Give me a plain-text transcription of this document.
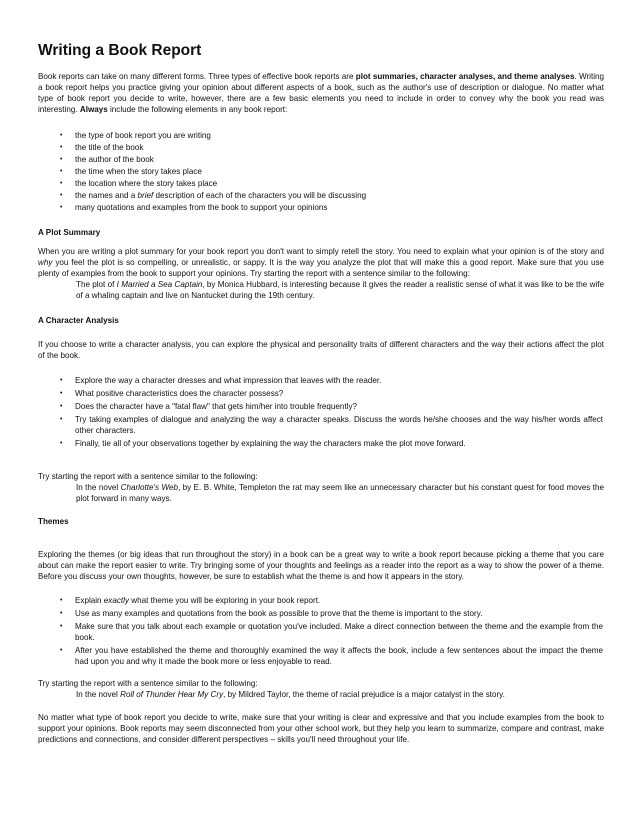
Writing a Book Report

Book reports can take on many different forms. Three types of effective book reports are plot summaries, character analyses, and theme analyses. Writing a book report helps you practice giving your opinion about different aspects of a book, such as the author's use of description or dialogue. No matter what type of book report you decide to write, however, there are a few basic elements you need to include in order to convey why the book you read was interesting. Always include the following elements in any book report:

• the type of book report you are writing
• the title of the book
• the author of the book
• the time when the story takes place
• the location where the story takes place
• the names and a brief description of each of the characters you will be discussing
• many quotations and examples from the book to support your opinions

A Plot Summary

When you are writing a plot summary for your book report you don't want to simply retell the story. You need to explain what your opinion is of the story and why you feel the plot is so compelling, or unrealistic, or sappy. It is the way you analyze the plot that will make this a good report. Make sure that you use plenty of examples from the book to support your opinions. Try starting the report with a sentence similar to the following:

The plot of I Married a Sea Captain, by Monica Hubbard, is interesting because it gives the reader a realistic sense of what it was like to be the wife of a whaling captain and live on Nantucket during the 19th century.

A Character Analysis

If you choose to write a character analysis, you can explore the physical and personality traits of different characters and the way their actions affect the plot of the book.

• Explore the way a character dresses and what impression that leaves with the reader.
• What positive characteristics does the character possess?
• Does the character have a "fatal flaw" that gets him/her into trouble frequently?
• Try taking examples of dialogue and analyzing the way a character speaks. Discuss the words he/she chooses and the way his/her words affect other characters.
• Finally, tie all of your observations together by explaining the way the characters make the plot move forward.

Try starting the report with a sentence similar to the following:

In the novel Charlotte's Web, by E. B. White, Templeton the rat may seem like an unnecessary character but his constant quest for food moves the plot forward in many ways.

Themes

Exploring the themes (or big ideas that run throughout the story) in a book can be a great way to write a book report because picking a theme that you care about can make the report easier to write. Try bringing some of your thoughts and feelings as a reader into the report as a way to show the power of a theme. Before you discuss your own thoughts, however, be sure to establish what the theme is and how it appears in the story.

• Explain exactly what theme you will be exploring in your book report.
• Use as many examples and quotations from the book as possible to prove that the theme is important to the story.
• Make sure that you talk about each example or quotation you've included. Make a direct connection between the theme and the example from the book.
• After you have established the theme and thoroughly examined the way it affects the book, include a few sentences about the impact the theme had upon you and why it made the book more or less enjoyable to read.

Try starting the report with a sentence similar to the following:

In the novel Roll of Thunder Hear My Cry, by Mildred Taylor, the theme of racial prejudice is a major catalyst in the story.

No matter what type of book report you decide to write, make sure that your writing is clear and expressive and that you include examples from the book to support your opinions. Book reports may seem disconnected from your other school work, but they help you learn to summarize, compare and contrast, make predictions and connections, and consider different perspectives – skills you'll need throughout your life.
